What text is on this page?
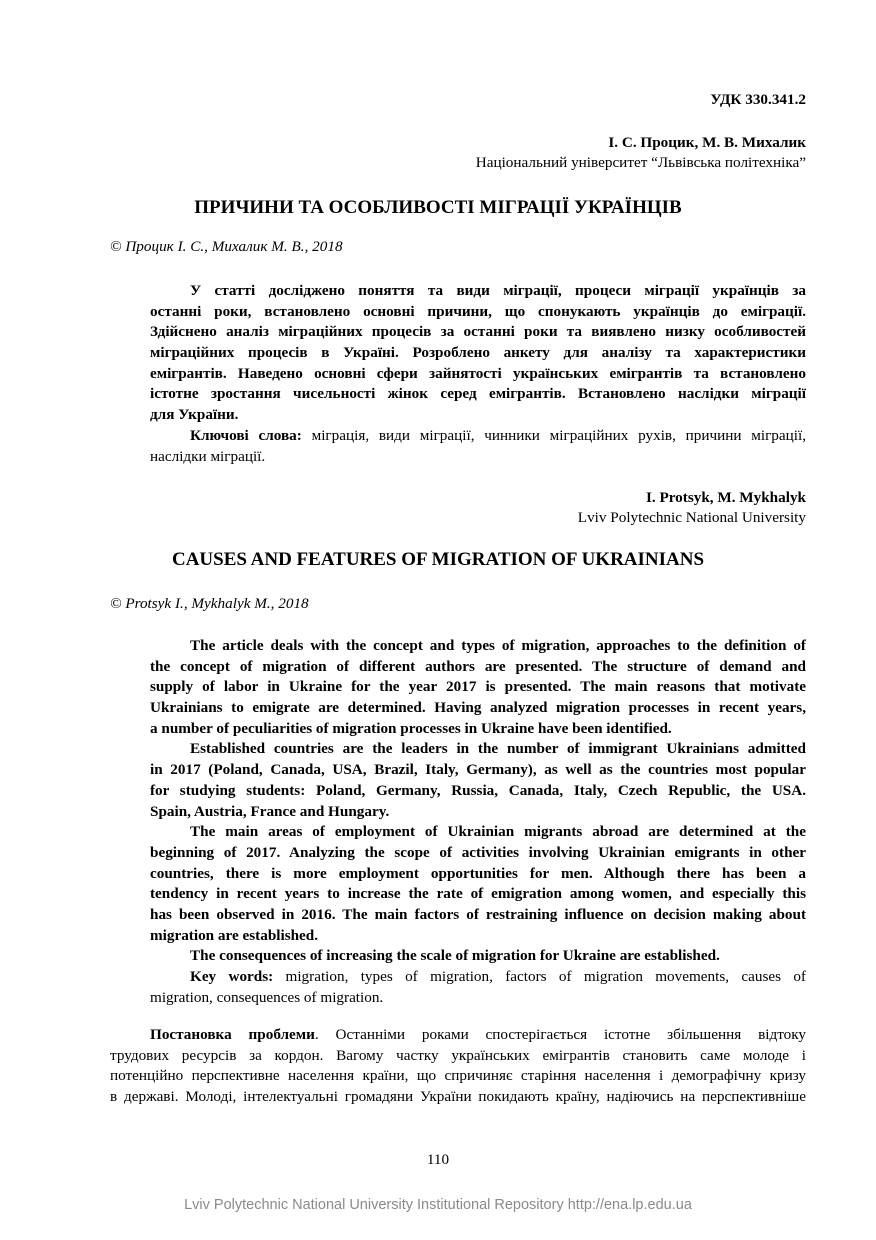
УДК 330.341.2
І. С. Процик, М. В. Михалик
Національний університет “Львівська політехніка”
ПРИЧИНИ ТА ОСОБЛИВОСТІ МІГРАЦІЇ УКРАЇНЦІВ
© Процик І. С., Михалик М. В., 2018
У статті досліджено поняття та види міграції, процеси міграції українців за
останні роки, встановлено основні причини, що спонукають українців до еміграції.
Здійснено аналіз міграційних процесів за останні роки та виявлено низку особливостей
міграційних процесів в Україні. Розроблено анкету для аналізу та характеристики
емігрантів. Наведено основні сфери зайнятості українських емігрантів та встановлено
істотне зростання чисельності жінок серед емігрантів. Встановлено наслідки міграції
для України.
Ключові слова: міграція, види міграції, чинники міграційних рухів, причини міграції,
наслідки міграції.
I. Protsyk, M. Mykhalyk
Lviv Polytechnic National University
CAUSES AND FEATURES OF MIGRATION OF UKRAINIANS
© Protsyk I., Mykhalyk M., 2018
The article deals with the concept and types of migration, approaches to the definition of
the concept of migration of different authors are presented. The structure of demand and
supply of labor in Ukraine for the year 2017 is presented. The main reasons that motivate
Ukrainians to emigrate are determined. Having analyzed migration processes in recent years,
a number of peculiarities of migration processes in Ukraine have been identified.
Established countries are the leaders in the number of immigrant Ukrainians admitted
in 2017 (Poland, Canada, USA, Brazil, Italy, Germany), as well as the countries most popular
for studying students: Poland, Germany, Russia, Canada, Italy, Czech Republic, the USA.
Spain, Austria, France and Hungary.
The main areas of employment of Ukrainian migrants abroad are determined at the
beginning of 2017. Analyzing the scope of activities involving Ukrainian emigrants in other
countries, there is more employment opportunities for men. Although there has been a
tendency in recent years to increase the rate of emigration among women, and especially this
has been observed in 2016. The main factors of restraining influence on decision making about
migration are established.
The consequences of increasing the scale of migration for Ukraine are established.
Key words: migration, types of migration, factors of migration movements, causes of
migration, consequences of migration.
Постановка проблеми. Останніми роками спостерігається істотне збільшення відтоку
трудових ресурсів за кордон. Вагому частку українських емігрантів становить саме молоде і
потенційно перспективне населення країни, що спричиняє старіння населення і демографічну кризу
в державі. Молоді, інтелектуальні громадяни України покидають країну, надіючись на перспективніше
110
Lviv Polytechnic National University Institutional Repository http://ena.lp.edu.ua
